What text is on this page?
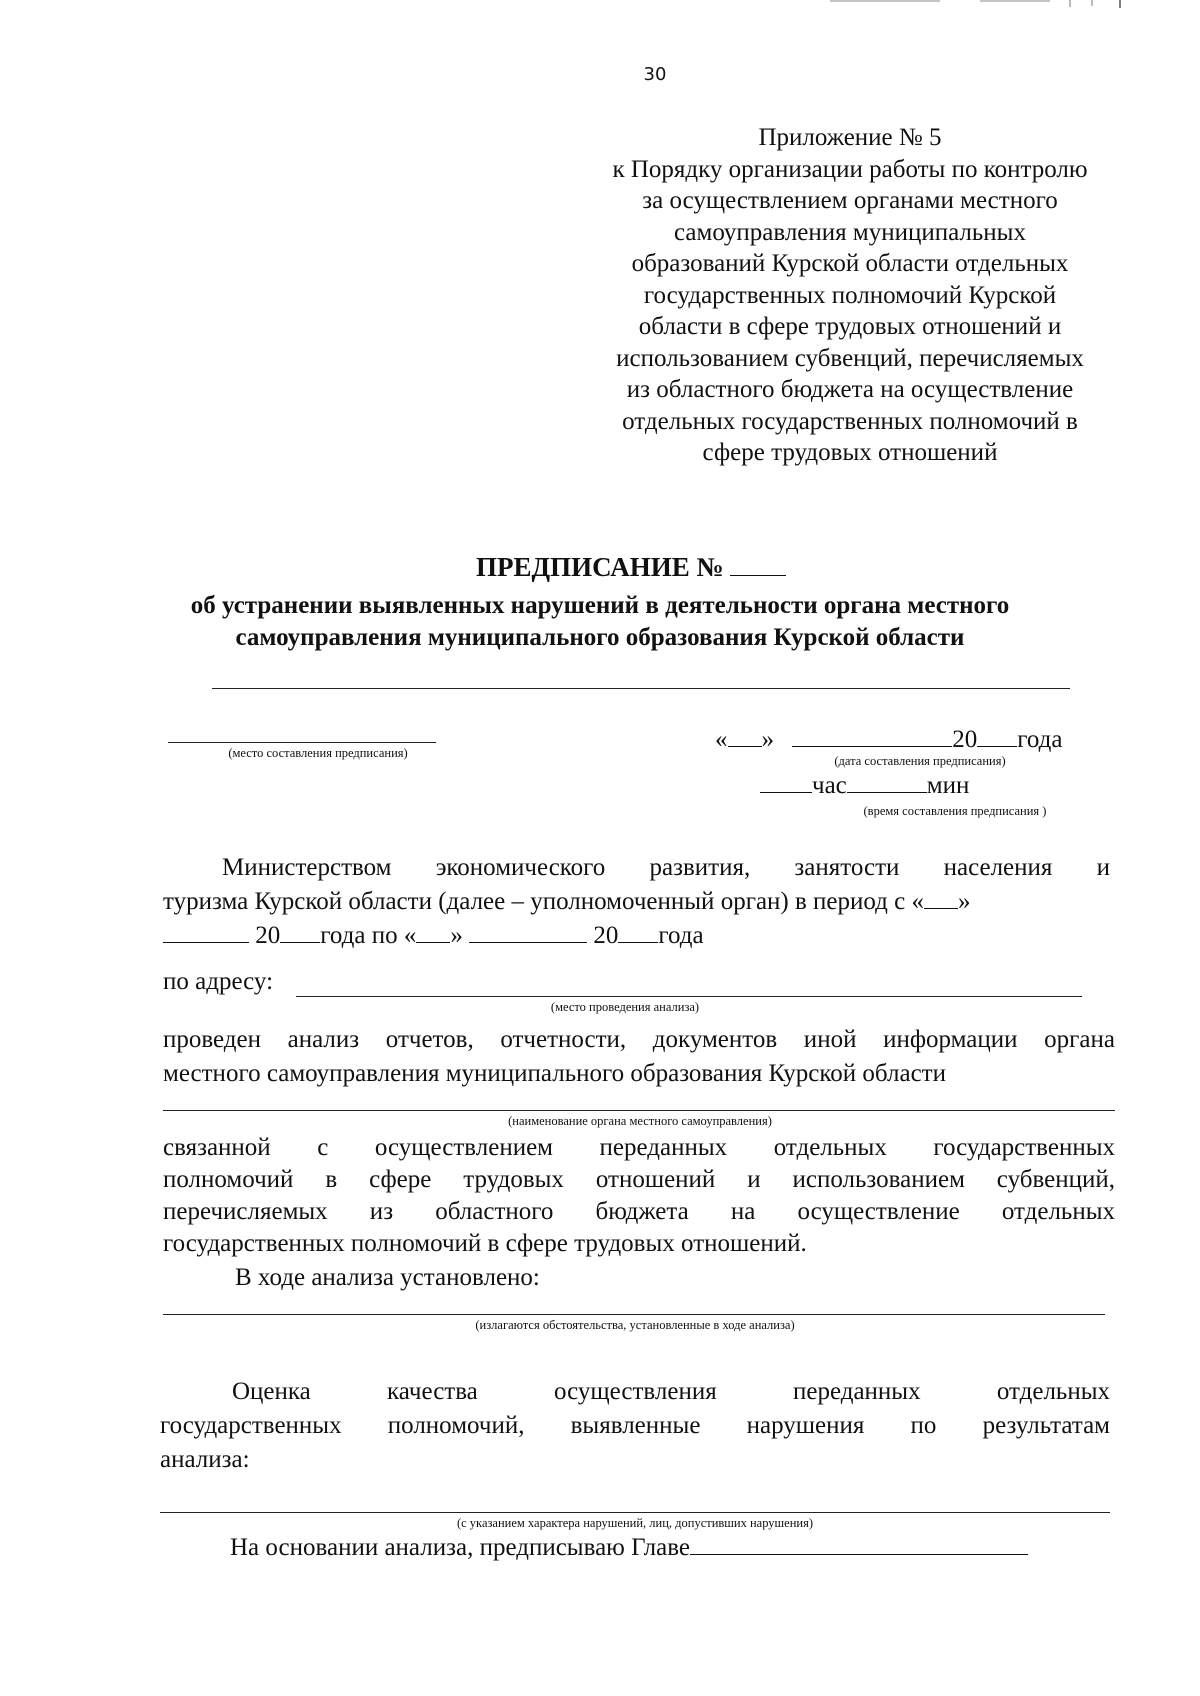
30
Приложение № 5
к Порядку организации работы по контролю
за осуществлением органами местного
самоуправления муниципальных
образований Курской области отдельных
государственных полномочий Курской
области в сфере трудовых отношений и
использованием субвенций, перечисляемых
из областного бюджета на осуществление
отдельных государственных полномочий в
сфере трудовых отношений
ПРЕДПИСАНИЕ №
об устранении выявленных нарушений в деятельности органа местного
самоуправления муниципального образования Курской области
(место составления предписания)	« »	20 года
(дата составления предписания)
час	мин
(время составления предписания )
Министерством экономического развития, занятости населения и
туризма Курской области (далее – уполномоченный орган) в период с « »
20 года по « »	20 года
по адресу:
(место проведения анализа)
проведен анализ отчетов, отчетности, документов иной информации органа
местного самоуправления муниципального образования Курской области
(наименование органа местного самоуправления)
связанной с осуществлением переданных отдельных государственных
полномочий в сфере трудовых отношений и использованием субвенций,
перечисляемых из областного бюджета на осуществление отдельных
государственных полномочий в сфере трудовых отношений.
В ходе анализа установлено:
(излагаются обстоятельства, установленные в ходе анализа)
Оценка качества осуществления переданных отдельных
государственных полномочий, выявленные нарушения по результатам
анализа:
(с указанием характера нарушений, лиц, допустивших нарушения)
На основании анализа, предписываю Главе
